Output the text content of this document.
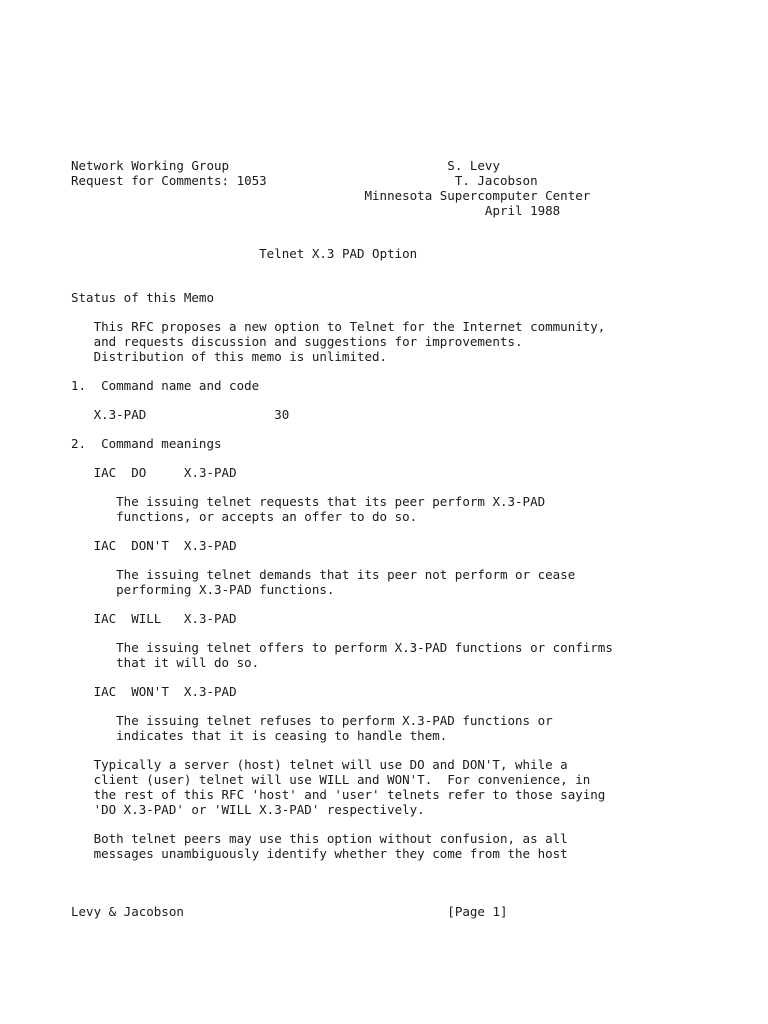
Network Working Group	S. Levy
Request for Comments: 1053	T. Jacobson
Minnesota Supercomputer Center
April 1988
Telnet X.3 PAD Option
Status of this Memo
This RFC proposes a new option to Telnet for the Internet community,
and requests discussion and suggestions for improvements.
Distribution of this memo is unlimited.
1.  Command name and code
X.3-PAD	30
2.  Command meanings
IAC DO	X.3-PAD
The issuing telnet requests that its peer perform X.3-PAD
functions, or accepts an offer to do so.
IAC DON'T X.3-PAD
The issuing telnet demands that its peer not perform or cease
performing X.3-PAD functions.
IAC WILL X.3-PAD
The issuing telnet offers to perform X.3-PAD functions or confirms
that it will do so.
IAC WON'T X.3-PAD
The issuing telnet refuses to perform X.3-PAD functions or
indicates that it is ceasing to handle them.
Typically a server (host) telnet will use DO and DON'T, while a
client (user) telnet will use WILL and WON'T.  For convenience, in
the rest of this RFC 'host' and 'user' telnets refer to those saying
'DO X.3-PAD' or 'WILL X.3-PAD' respectively.
Both telnet peers may use this option without confusion, as all
messages unambiguously identify whether they come from the host
Levy & Jacobson	[Page 1]
